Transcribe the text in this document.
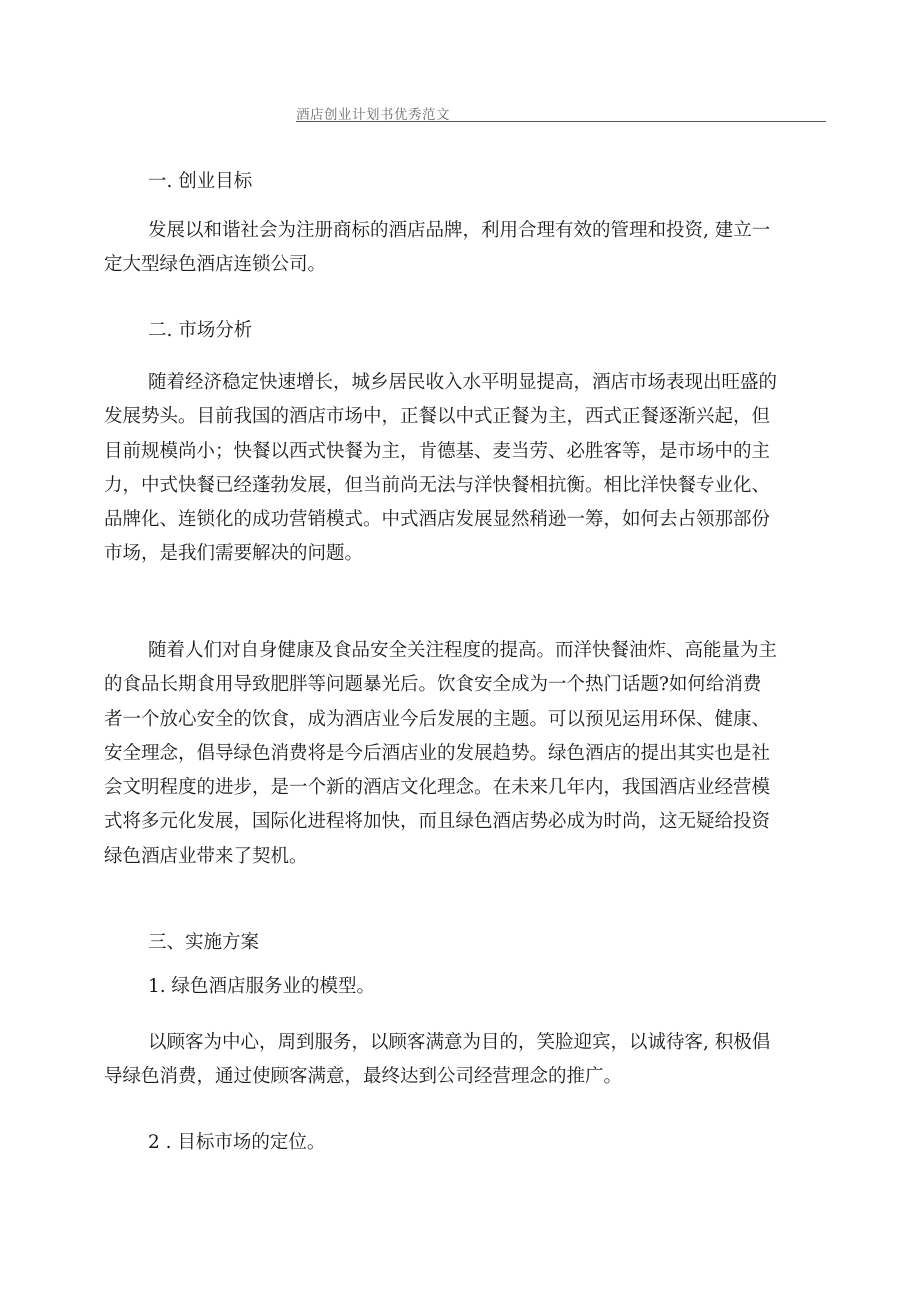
酒店创业计划书优秀范文
一. 创业目标
发展以和谐社会为注册商标的酒店品牌，利用合理有效的管理和投资, 建立一
定大型绿色酒店连锁公司。
二. 市场分析
随着经济稳定快速增长，城乡居民收入水平明显提高，酒店市场表现出旺盛的
发展势头。目前我国的酒店市场中，正餐以中式正餐为主，西式正餐逐渐兴起，但
目前规模尚小；快餐以西式快餐为主，肯德基、麦当劳、必胜客等，是市场中的主
力，中式快餐已经蓬勃发展，但当前尚无法与洋快餐相抗衡。相比洋快餐专业化、
品牌化、连锁化的成功营销模式。中式酒店发展显然稍逊一筹，如何去占领那部份
市场，是我们需要解决的问题。
随着人们对自身健康及食品安全关注程度的提高。而洋快餐油炸、高能量为主
的食品长期食用导致肥胖等问题暴光后。饮食安全成为一个热门话题?如何给消费
者一个放心安全的饮食，成为酒店业今后发展的主题。可以预见运用环保、健康、
安全理念，倡导绿色消费将是今后酒店业的发展趋势。绿色酒店的提出其实也是社
会文明程度的进步，是一个新的酒店文化理念。在未来几年内，我国酒店业经营模
式将多元化发展，国际化进程将加快，而且绿色酒店势必成为时尚，这无疑给投资
绿色酒店业带来了契机。
三、实施方案
1. 绿色酒店服务业的模型。
以顾客为中心，周到服务，以顾客满意为目的，笑脸迎宾，以诚待客, 积极倡
导绿色消费，通过使顾客满意，最终达到公司经营理念的推广。
2 . 目标市场的定位。
